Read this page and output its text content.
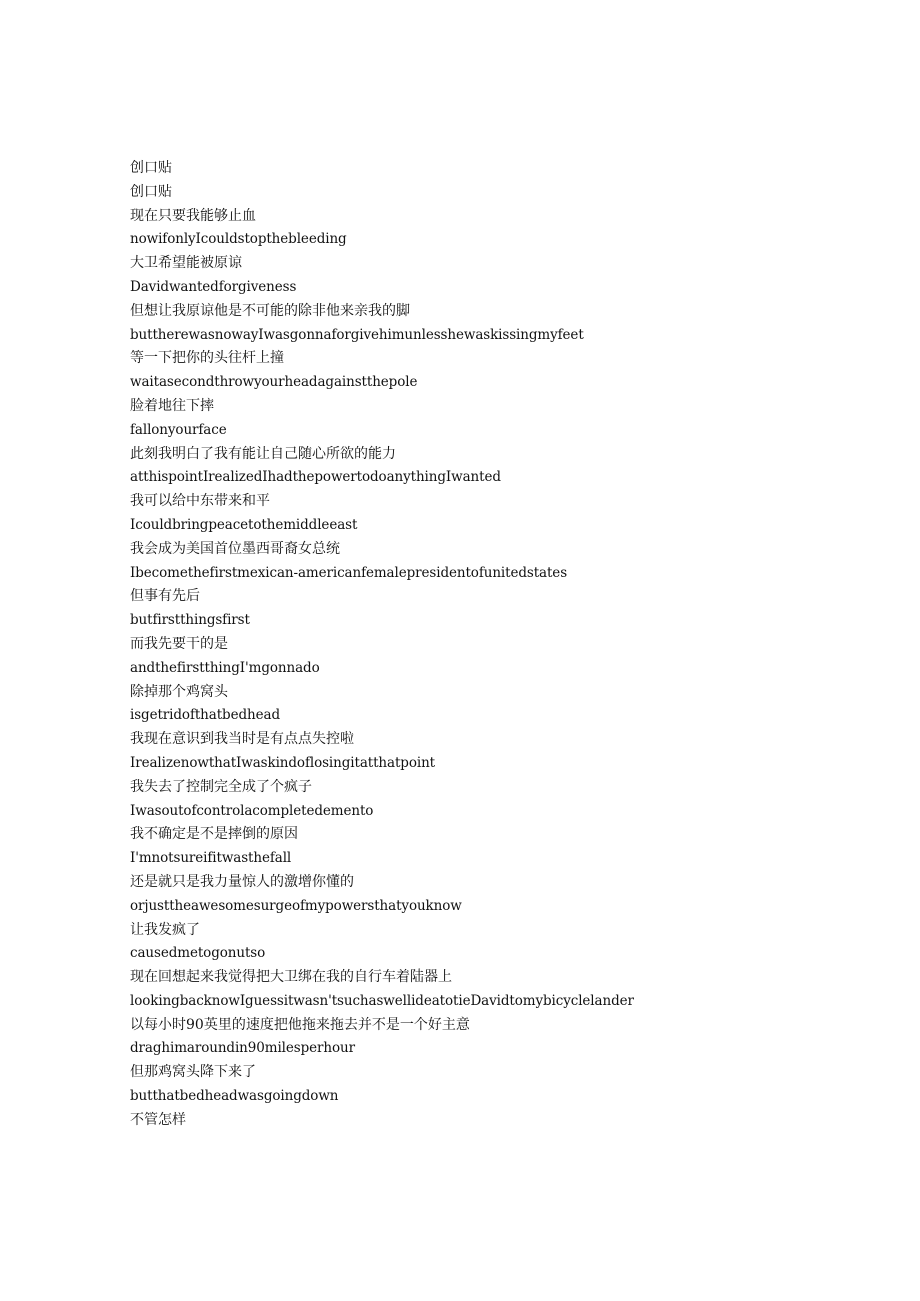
创口贴
创口贴
现在只要我能够止血
nowifonlyIcouldstopthebleeding
大卫希望能被原谅
Davidwantedforgiveness
但想让我原谅他是不可能的除非他来亲我的脚
buttherewasnowayIwasgonnaforgivehimunlesshewaskissingmyfeet
等一下把你的头往杆上撞
waitasecondthrowyourheadagainstthepole
脸着地往下摔
fallonyourface
此刻我明白了我有能让自己随心所欲的能力
atthispointIrealizedIhadthepowertodoanythingIwanted
我可以给中东带来和平
Icouldbringpeacetothemiddleeast
我会成为美国首位墨西哥裔女总统
Ibecomethefirstmexican-americanfemalepresidentofunitedstates
但事有先后
butfirstthingsfirst
而我先要干的是
andthefirstthingI'mgonnado
除掉那个鸡窝头
isgetridofthatbedhead
我现在意识到我当时是有点点失控啦
IrealizenowthatIwaskindoflosingitatthatpoint
我失去了控制完全成了个疯子
Iwasoutofcontrolacompletedemento
我不确定是不是摔倒的原因
I'mnotsureifitwasthefall
还是就只是我力量惊人的激增你懂的
orjusttheawesomesurgeofmypowersthatyouknow
让我发疯了
causedmetogonutso
现在回想起来我觉得把大卫绑在我的自行车着陆器上
lookingbacknowIguessitwasn'tsuchaswellideatotieDavidtomybicyclelander
以每小时90英里的速度把他拖来拖去并不是一个好主意
draghimaroundin90milesperhour
但那鸡窝头降下来了
butthatbedheadwasgoingdown
不管怎样
